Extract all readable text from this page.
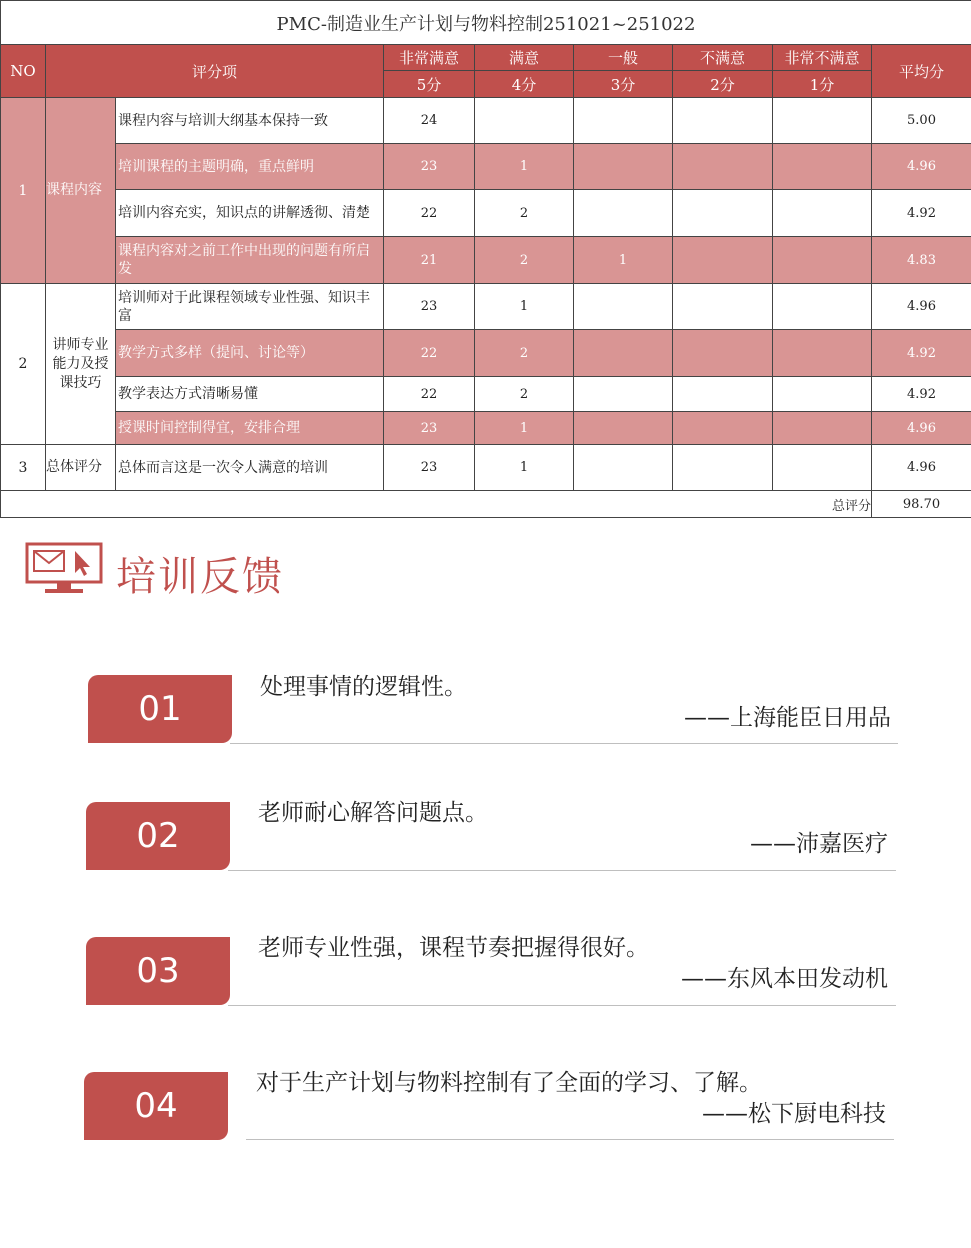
PMC-制造业生产计划与物料控制251021~251022								
NO	评分项		非常满意	满意	一般	不满意	非常不满意	平均分
			5分	4分	3分	2分	1分	
1	课程内容	课程内容与培训大纲基本保持一致	24					5.00
		培训课程的主题明确，重点鲜明	23	1				4.96
		培训内容充实，知识点的讲解透彻、清楚	22	2				4.92
		课程内容对之前工作中出现的问题有所启发	21	2	1			4.83
2	讲师专业能力及授课技巧	培训师对于此课程领域专业性强、知识丰富	23	1				4.96
		教学方式多样（提问、讨论等）	22	2				4.92
		教学表达方式清晰易懂	22	2				4.92
		授课时间控制得宜，安排合理	23	1				4.96
3	总体评分	总体而言这是一次令人满意的培训	23	1				4.96
总评分								98.70
培训反馈
01
处理事情的逻辑性。
——上海能臣日用品
02
老师耐心解答问题点。
——沛嘉医疗
03
老师专业性强，课程节奏把握得很好。
——东风本田发动机
04
对于生产计划与物料控制有了全面的学习、了解。
——松下厨电科技
